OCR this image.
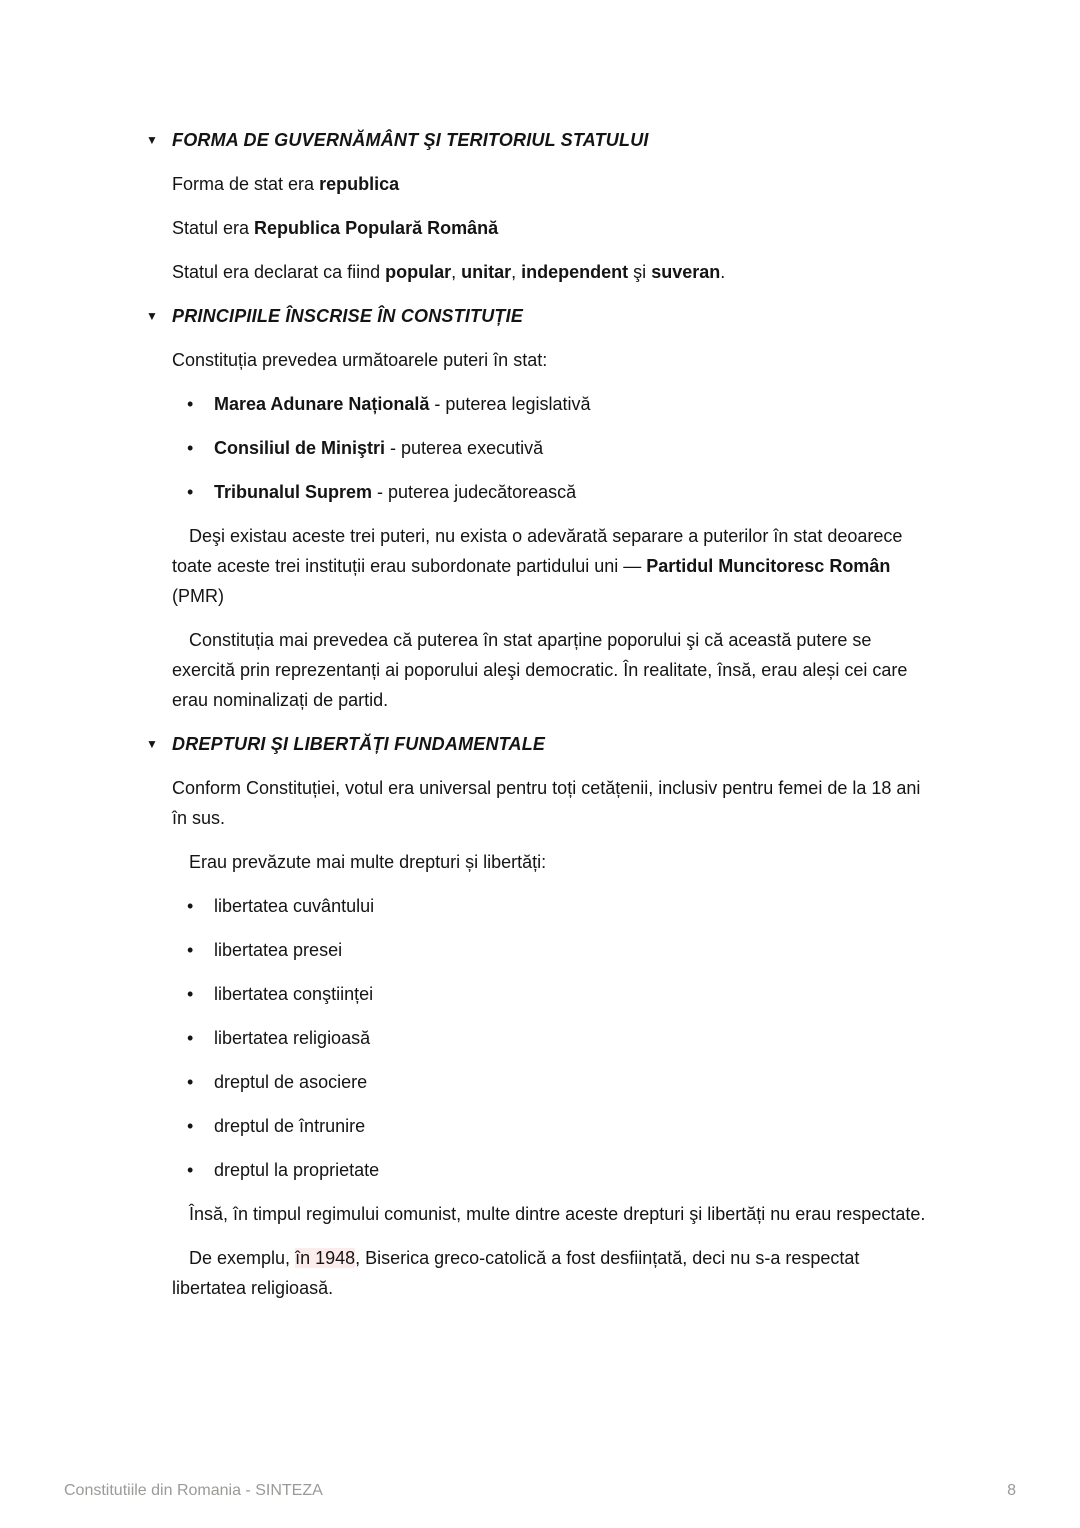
▼ FORMA DE GUVERNĂMÂNT ŞI TERITORIUL STATULUI

Forma de stat era republica

Statul era Republica Populară Română

Statul era declarat ca fiind popular, unitar, independent şi suveran.

▼ PRINCIPIILE ÎNSCRISE ÎN CONSTITUȚIE

Constituția prevedea următoarele puteri în stat:

•	Marea Adunare Națională - puterea legislativă
•	Consiliul de Miniştri - puterea executivă
•	Tribunalul Suprem - puterea judecătorească

Deşi existau aceste trei puteri, nu exista o adevărată separare a puterilor în stat deoarece toate aceste trei instituții erau subordonate partidului uni — Partidul Muncitoresc Român (PMR)

Constituția mai prevedea că puterea în stat aparține poporului şi că această putere se exercită prin reprezentanți ai poporului aleşi democratic. În realitate, însă, erau aleși cei care erau nominalizați de partid.

▼ DREPTURI ŞI LIBERTĂȚI FUNDAMENTALE

Conform Constituției, votul era universal pentru toți cetățenii, inclusiv pentru femei de la 18 ani în sus.

Erau prevăzute mai multe drepturi și libertăți:

•	libertatea cuvântului
•	libertatea presei
•	libertatea conştiinței
•	libertatea religioasă
•	dreptul de asociere
•	dreptul de întrunire
•	dreptul la proprietate

Însă, în timpul regimului comunist, multe dintre aceste drepturi şi libertăți nu erau respectate.

De exemplu, în 1948, Biserica greco-catolică a fost desființată, deci nu s-a respectat libertatea religioasă.

Constitutiile din Romania - SINTEZA	8
